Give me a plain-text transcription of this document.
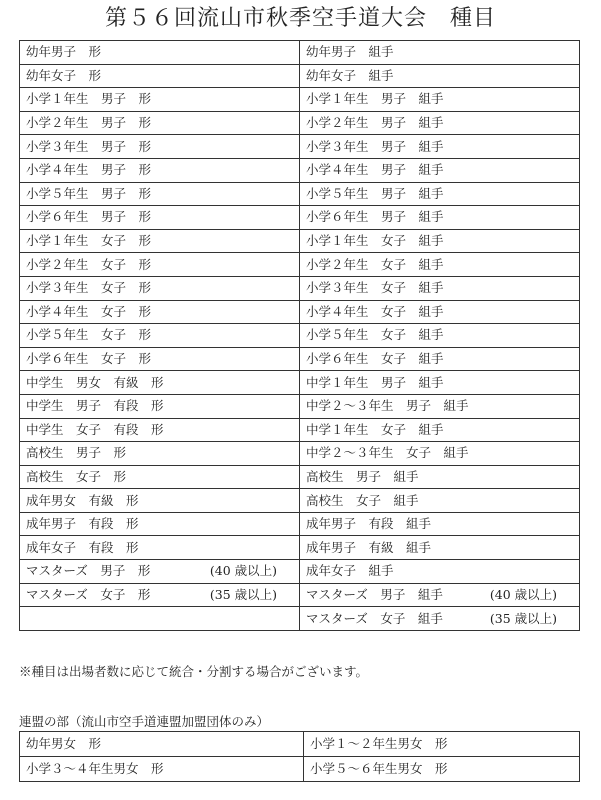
第５６回流山市秋季空手道大会　種目
幼年男子　形	幼年男子　組手

幼年女子　形	幼年女子　組手

小学１年生　男子　形	小学１年生　男子　組手

小学２年生　男子　形	小学２年生　男子　組手

小学３年生　男子　形	小学３年生　男子　組手

小学４年生　男子　形	小学４年生　男子　組手

小学５年生　男子　形	小学５年生　男子　組手

小学６年生　男子　形	小学６年生　男子　組手

小学１年生　女子　形	小学１年生　女子　組手

小学２年生　女子　形	小学２年生　女子　組手

小学３年生　女子　形	小学３年生　女子　組手

小学４年生　女子　形	小学４年生　女子　組手

小学５年生　女子　形	小学５年生　女子　組手

小学６年生　女子　形	小学６年生　女子　組手

中学生　男女　有級　形	中学１年生　男子　組手

中学生　男子　有段　形	中学２～３年生　男子　組手

中学生　女子　有段　形	中学１年生　女子　組手

高校生　男子　形	中学２～３年生　女子　組手

高校生　女子　形	高校生　男子　組手

成年男女　有級　形	高校生　女子　組手

成年男子　有段　形	成年男子　有段　組手

成年女子　有段　形	成年男子　有級　組手

マスターズ　男子　形 (40 歳以上)	成年女子　組手

マスターズ　女子　形 (35 歳以上)	マスターズ　男子　組手 (40 歳以上)

	マスターズ　女子　組手 (35 歳以上)
※種目は出場者数に応じて統合・分割する場合がございます。
連盟の部（流山市空手道連盟加盟団体のみ）
幼年男女　形	小学１～２年生男女　形

小学３～４年生男女　形	小学５～６年生男女　形
